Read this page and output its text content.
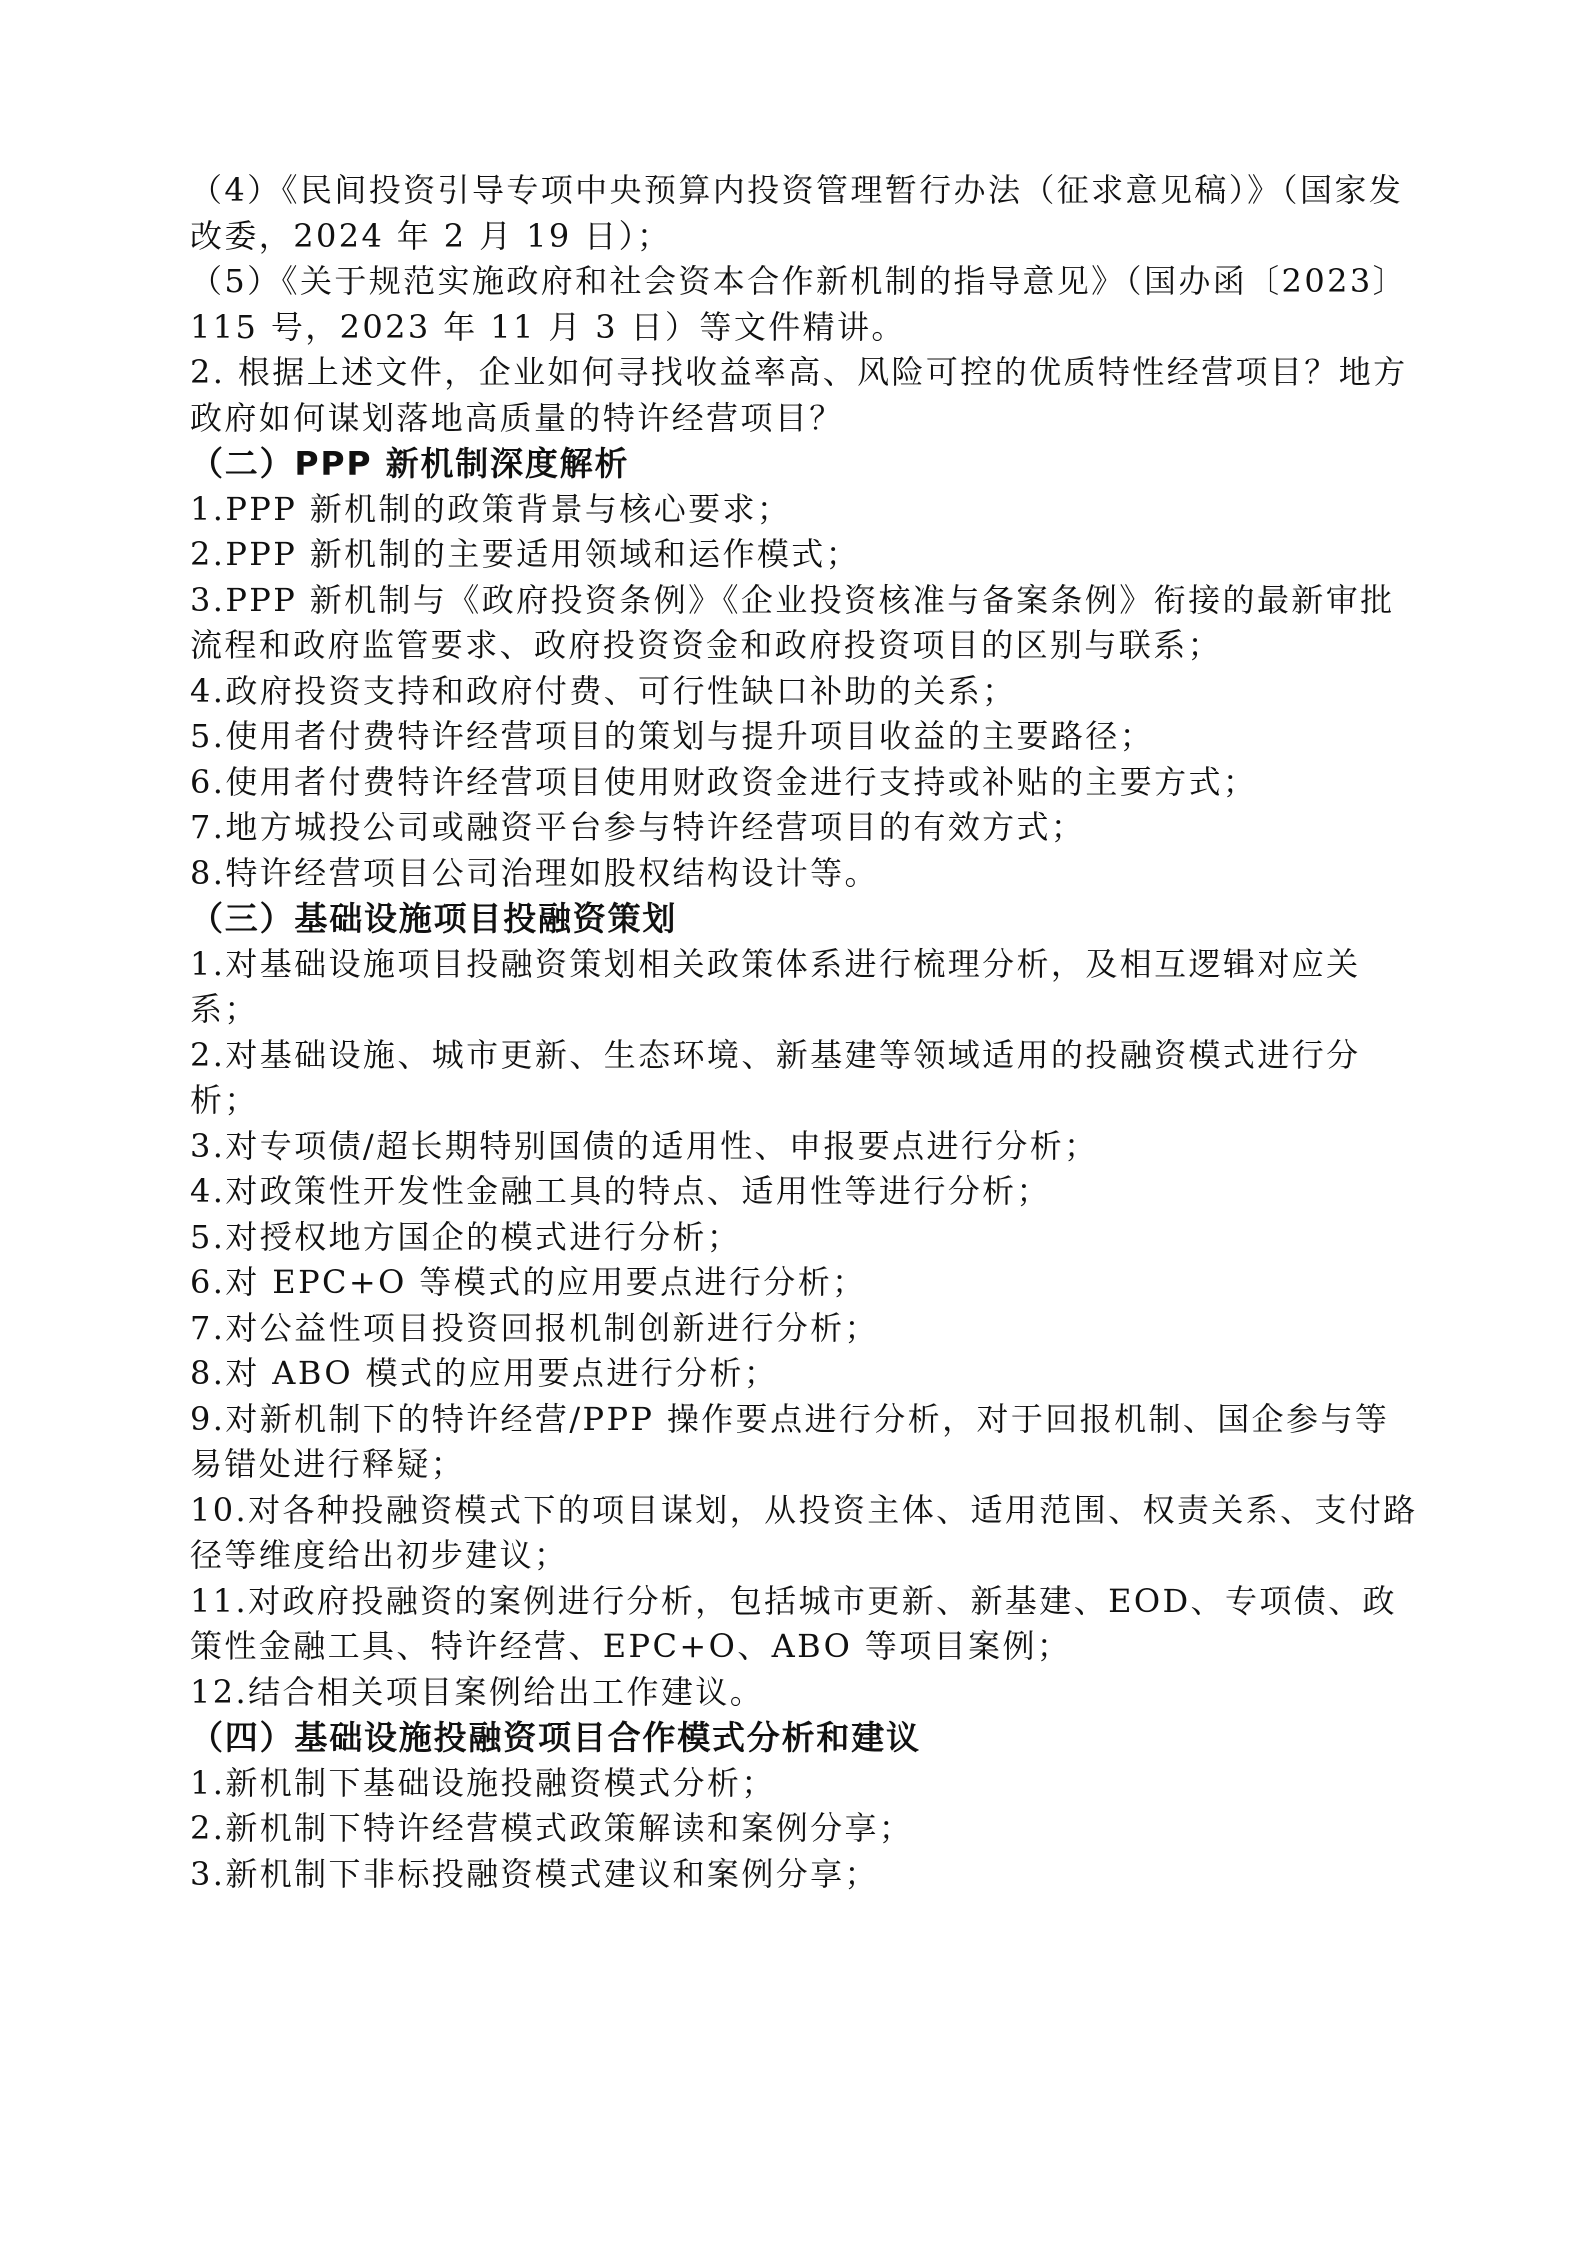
（4）《民间投资引导专项中央预算内投资管理暂行办法（征求意见稿）》（国家发改委，2024 年 2 月 19 日）；

（5）《关于规范实施政府和社会资本合作新机制的指导意见》（国办函〔2023〕115 号，2023 年 11 月 3 日）等文件精讲。

2. 根据上述文件，企业如何寻找收益率高、风险可控的优质特性经营项目？地方政府如何谋划落地高质量的特许经营项目？

（二）PPP 新机制深度解析

1.PPP 新机制的政策背景与核心要求；

2.PPP 新机制的主要适用领域和运作模式；

3.PPP 新机制与《政府投资条例》《企业投资核准与备案条例》衔接的最新审批流程和政府监管要求、政府投资资金和政府投资项目的区别与联系；

4.政府投资支持和政府付费、可行性缺口补助的关系；

5.使用者付费特许经营项目的策划与提升项目收益的主要路径；

6.使用者付费特许经营项目使用财政资金进行支持或补贴的主要方式；

7.地方城投公司或融资平台参与特许经营项目的有效方式；

8.特许经营项目公司治理如股权结构设计等。

（三）基础设施项目投融资策划

1.对基础设施项目投融资策划相关政策体系进行梳理分析，及相互逻辑对应关系；

2.对基础设施、城市更新、生态环境、新基建等领域适用的投融资模式进行分析；

3.对专项债/超长期特别国债的适用性、申报要点进行分析；

4.对政策性开发性金融工具的特点、适用性等进行分析；

5.对授权地方国企的模式进行分析；

6.对 EPC+O 等模式的应用要点进行分析；

7.对公益性项目投资回报机制创新进行分析；

8.对 ABO 模式的应用要点进行分析；

9.对新机制下的特许经营/PPP 操作要点进行分析，对于回报机制、国企参与等易错处进行释疑；

10.对各种投融资模式下的项目谋划，从投资主体、适用范围、权责关系、支付路径等维度给出初步建议；

11.对政府投融资的案例进行分析，包括城市更新、新基建、EOD、专项债、政策性金融工具、特许经营、EPC+O、ABO 等项目案例；

12.结合相关项目案例给出工作建议。

（四）基础设施投融资项目合作模式分析和建议

1.新机制下基础设施投融资模式分析；

2.新机制下特许经营模式政策解读和案例分享；

3.新机制下非标投融资模式建议和案例分享；
